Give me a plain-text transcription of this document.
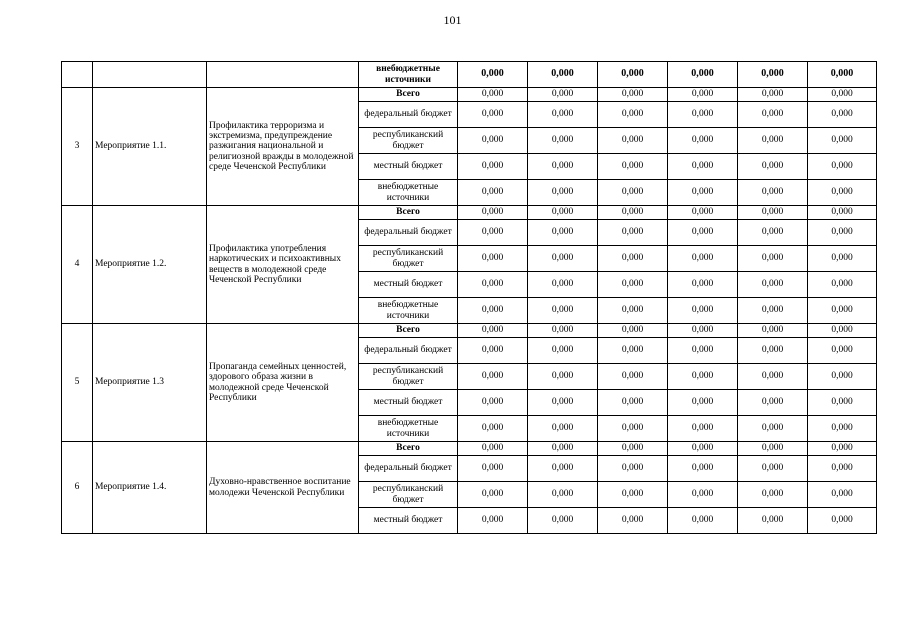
101
			внебюджетные источники	0,000	0,000	0,000	0,000	0,000	0,000
3	Мероприятие 1.1.	Профилактика терроризма и экстремизма, предупреждение разжигания национальной и религиозной вражды в молодежной среде Чеченской Республики	Всего	0,000	0,000	0,000	0,000	0,000	0,000
			федеральный бюджет	0,000	0,000	0,000	0,000	0,000	0,000
			республиканский бюджет	0,000	0,000	0,000	0,000	0,000	0,000
			местный бюджет	0,000	0,000	0,000	0,000	0,000	0,000
			внебюджетные источники	0,000	0,000	0,000	0,000	0,000	0,000
4	Мероприятие 1.2.	Профилактика употребления наркотических и психоактивных веществ в молодежной среде Чеченской Республики	Всего	0,000	0,000	0,000	0,000	0,000	0,000
			федеральный бюджет	0,000	0,000	0,000	0,000	0,000	0,000
			республиканский бюджет	0,000	0,000	0,000	0,000	0,000	0,000
			местный бюджет	0,000	0,000	0,000	0,000	0,000	0,000
			внебюджетные источники	0,000	0,000	0,000	0,000	0,000	0,000
5	Мероприятие 1.3	Пропаганда семейных ценностей, здорового образа жизни в молодежной среде Чеченской Республики	Всего	0,000	0,000	0,000	0,000	0,000	0,000
			федеральный бюджет	0,000	0,000	0,000	0,000	0,000	0,000
			республиканский бюджет	0,000	0,000	0,000	0,000	0,000	0,000
			местный бюджет	0,000	0,000	0,000	0,000	0,000	0,000
			внебюджетные источники	0,000	0,000	0,000	0,000	0,000	0,000
6	Мероприятие 1.4.	Духовно-нравственное воспитание молодежи Чеченской Республики	Всего	0,000	0,000	0,000	0,000	0,000	0,000
			федеральный бюджет	0,000	0,000	0,000	0,000	0,000	0,000
			республиканский бюджет	0,000	0,000	0,000	0,000	0,000	0,000
			местный бюджет	0,000	0,000	0,000	0,000	0,000	0,000
